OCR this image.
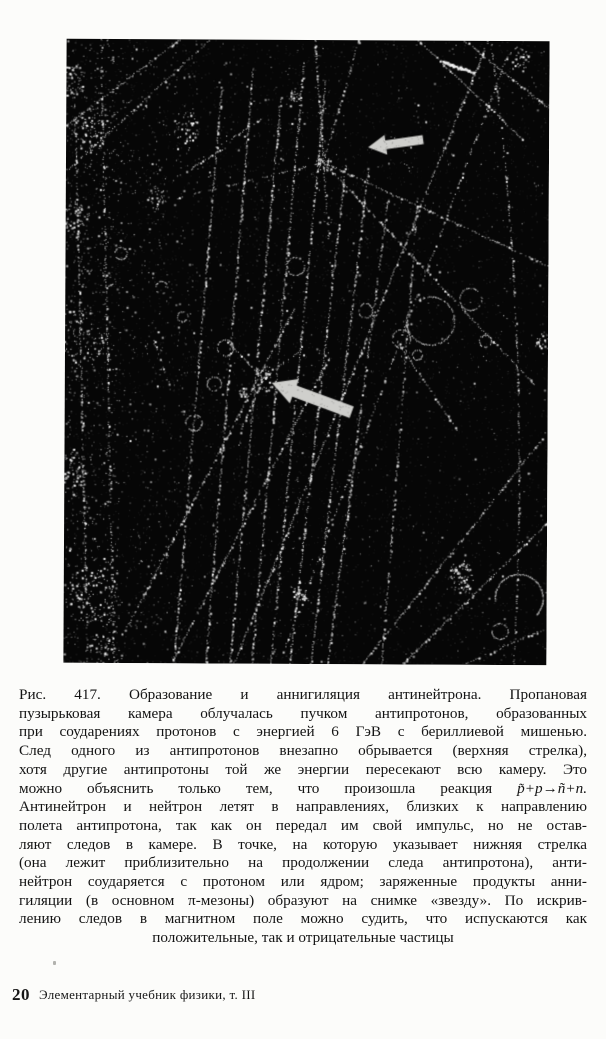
Рис. 417. Образование и аннигиляция антинейтрона. Пропановая
пузырьковая камера облучалась пучком антипротонов, образованных
при соударениях протонов с энергией 6 ГэВ с бериллиевой мишенью.
След одного из антипротонов внезапно обрывается (верхняя стрелка),
хотя другие антипротоны той же энергии пересекают всю камеру. Это
можно объяснить только тем, что произошла реакция p̃+p→ñ+n.
Антинейтрон и нейтрон летят в направлениях, близких к направлению
полета антипротона, так как он передал им свой импульс, но не остав-
ляют следов в камере. В точке, на которую указывает нижняя стрелка
(она лежит приблизительно на продолжении следа антипротона), анти-
нейтрон соударяется с протоном или ядром; заряженные продукты анни-
гиляции (в основном π-мезоны) образуют на снимке «звезду». По искрив-
лению следов в магнитном поле можно судить, что испускаются как
положительные, так и отрицательные частицы
20 Элементарный учебник физики, т. III
